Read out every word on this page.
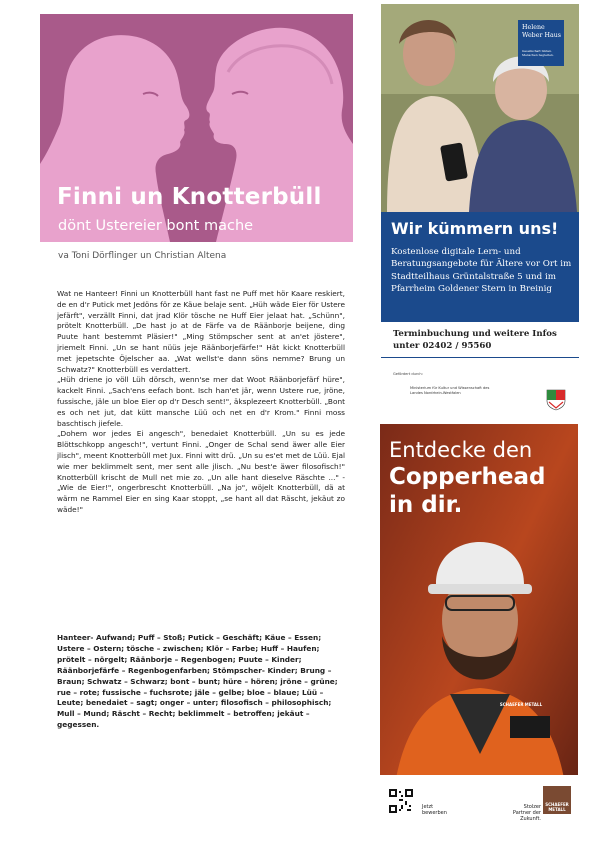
Finni un Knotterbüll
dönt Ustereier bont mache
va Toni Dörflinger un Christian Altena

Wat ne Hanteer! Finni un Knotterbüll hant fast ne Puff met hör Kaare reskiert, de en d'r Putick met Jedöns för ze Käue belaje sent. „Hüh wäde Eier för Ustere jefärft", verzällt Finni, dat jrad Klör tösche ne Huff Eier jelaat hat. „Schünn", prötelt Knotterbüll. „De hast jo at de Färfe va de Räänborje beijene, ding Puute hant bestemmt Pläsier!" „Ming Stömpscher sent at an'et jöstere", jriemelt Finni. „Un se hant nüüs jeje Räänborjefärfe!" Hät kickt Knotterbüll met jepetschte Öjelscher aa. „Wat wellst'e dann söns nemme? Brung un Schwatz?" Knotterbüll es verdattert.

„Hüh driene jo völl Lüh dörsch, wenn'se mer dat Woot Räänborjefärf hüre", kackelt Finni. „Sach'ens eefach bont. Isch han'et jär, wenn Ustere rue, jröne, fussische, jäle un bloe Eier op d'r Desch sent!", äksplezeert Knotterbüll. „Bont es och net jut, dat kütt mansche Lüü och net en d'r Krom." Finni moss baschtisch jiefele.

„Dohem wor jedes Ei angesch", benedaiet Knotterbüll. „Un su es jede Blöttschkopp angesch!", vertunt Finni. „Onger de Schal send äwer alle Eier jlisch", meent Knotterbüll met Jux. Finni witt drü. „Un su es'et met de Lüü. Ejal wie mer beklimmelt sent, mer sent alle jlisch. „Nu best'e äwer filosofisch!" Knotterbüll krischt de Mull net mie zo. „Un alle hant dieselve Räschte ..." - „Wie de Eier!", ongerbrescht Knotterbüll. „Na jo", wöjelt Knotterbüll, dä at wärm ne Rammel Eier en sing Kaar stoppt, „se hant all dat Räscht, jekäut zo wäde!"

Hanteer- Aufwand; Puff – Stoß; Putick – Geschäft; Käue – Essen; Ustere – Ostern; tösche – zwischen; Klör – Farbe; Huff – Haufen; prötelt – nörgelt; Räänborje – Regenbogen; Puute – Kinder; Räänborjefärfe – Regenbogenfarben; Stömpscher- Kinder; Brung – Braun; Schwatz – Schwarz; bont – bunt; hüre – hören; jröne – grüne; rue – rote; fussische – fuchsrote; jäle – gelbe; bloe – blaue; Lüü – Leute; benedaiet – sagt; onger – unter; filosofisch – philosophisch; Mull – Mund; Räscht – Recht; beklimmelt – betroffen; jekäut – gegessen.
Helene Weber Haus
Gesellschaft bilden. Menschen begleiten.
Wir kümmern uns!
Kostenlose digitale Lern- und Beratungsangebote für Ältere vor Ort im Stadtteilhaus Grüntalstraße 5 und im Pfarrheim Goldener Stern in Breinig
Terminbuchung und weitere Infos unter 02402 / 95560
Gefördert durch:
Ministerium für Kultur und Wissenschaft des Landes Nordrhein-Westfalen
Entdecke den
Copperhead
in dir.
SCHAEFER METALL
Jetzt bewerben
Stolzer Partner der Zukunft.
SCHAEFER METALL
